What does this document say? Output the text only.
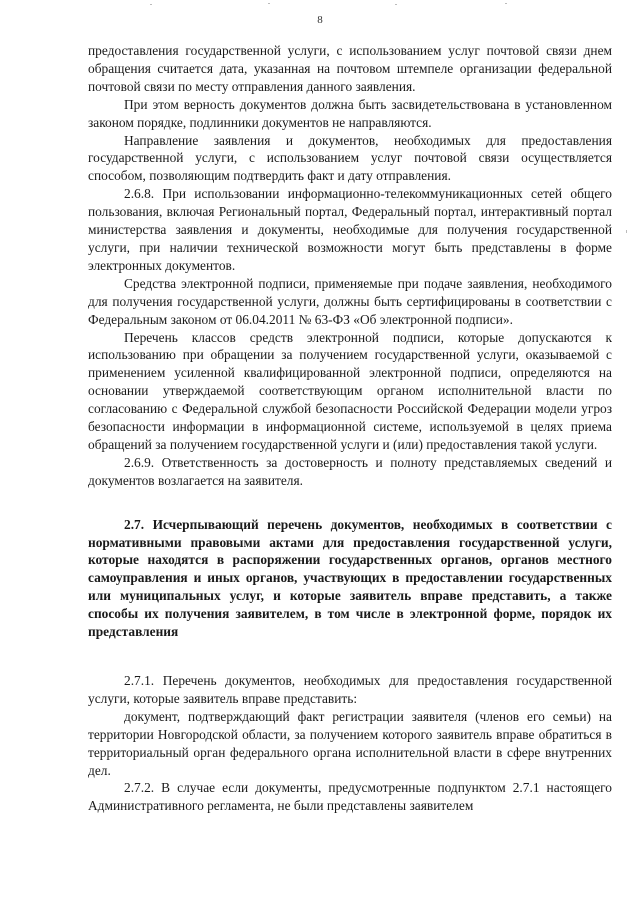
8

предоставления государственной услуги, с использованием услуг почтовой связи днем обращения считается дата, указанная на почтовом штемпеле организации федеральной почтовой связи по месту отправления данного заявления.

При этом верность документов должна быть засвидетельствована в установленном законом порядке, подлинники документов не направляются.

Направление заявления и документов, необходимых для предоставления государственной услуги, с использованием услуг почтовой связи осуществляется способом, позволяющим подтвердить факт и дату отправления.

2.6.8. При использовании информационно-телекоммуникационных сетей общего пользования, включая Региональный портал, Федеральный портал, интерактивный портал министерства заявления и документы, необходимые для получения государственной услуги, при наличии технической возможности могут быть представлены в форме электронных документов.

Средства электронной подписи, применяемые при подаче заявления, необходимого для получения государственной услуги, должны быть сертифицированы в соответствии с Федеральным законом от 06.04.2011 № 63-ФЗ «Об электронной подписи».

Перечень классов средств электронной подписи, которые допускаются к использованию при обращении за получением государственной услуги, оказываемой с применением усиленной квалифицированной электронной подписи, определяются на основании утверждаемой соответствующим органом исполнительной власти по согласованию с Федеральной службой безопасности Российской Федерации модели угроз безопасности информации в информационной системе, используемой в целях приема обращений за получением государственной услуги и (или) предоставления такой услуги.

2.6.9. Ответственность за достоверность и полноту представляемых сведений и документов возлагается на заявителя.

2.7. Исчерпывающий перечень документов, необходимых в соответствии с нормативными правовыми актами для предоставления государственной услуги, которые находятся в распоряжении государственных органов, органов местного самоуправления и иных органов, участвующих в предоставлении государственных или муниципальных услуг, и которые заявитель вправе представить, а также способы их получения заявителем, в том числе в электронной форме, порядок их представления

2.7.1. Перечень документов, необходимых для предоставления государственной услуги, которые заявитель вправе представить:

документ, подтверждающий факт регистрации заявителя (членов его семьи) на территории Новгородской области, за получением которого заявитель вправе обратиться в территориальный орган федерального органа исполнительной власти в сфере внутренних дел.

2.7.2. В случае если документы, предусмотренные подпунктом 2.7.1 настоящего Административного регламента, не были представлены заявителем
